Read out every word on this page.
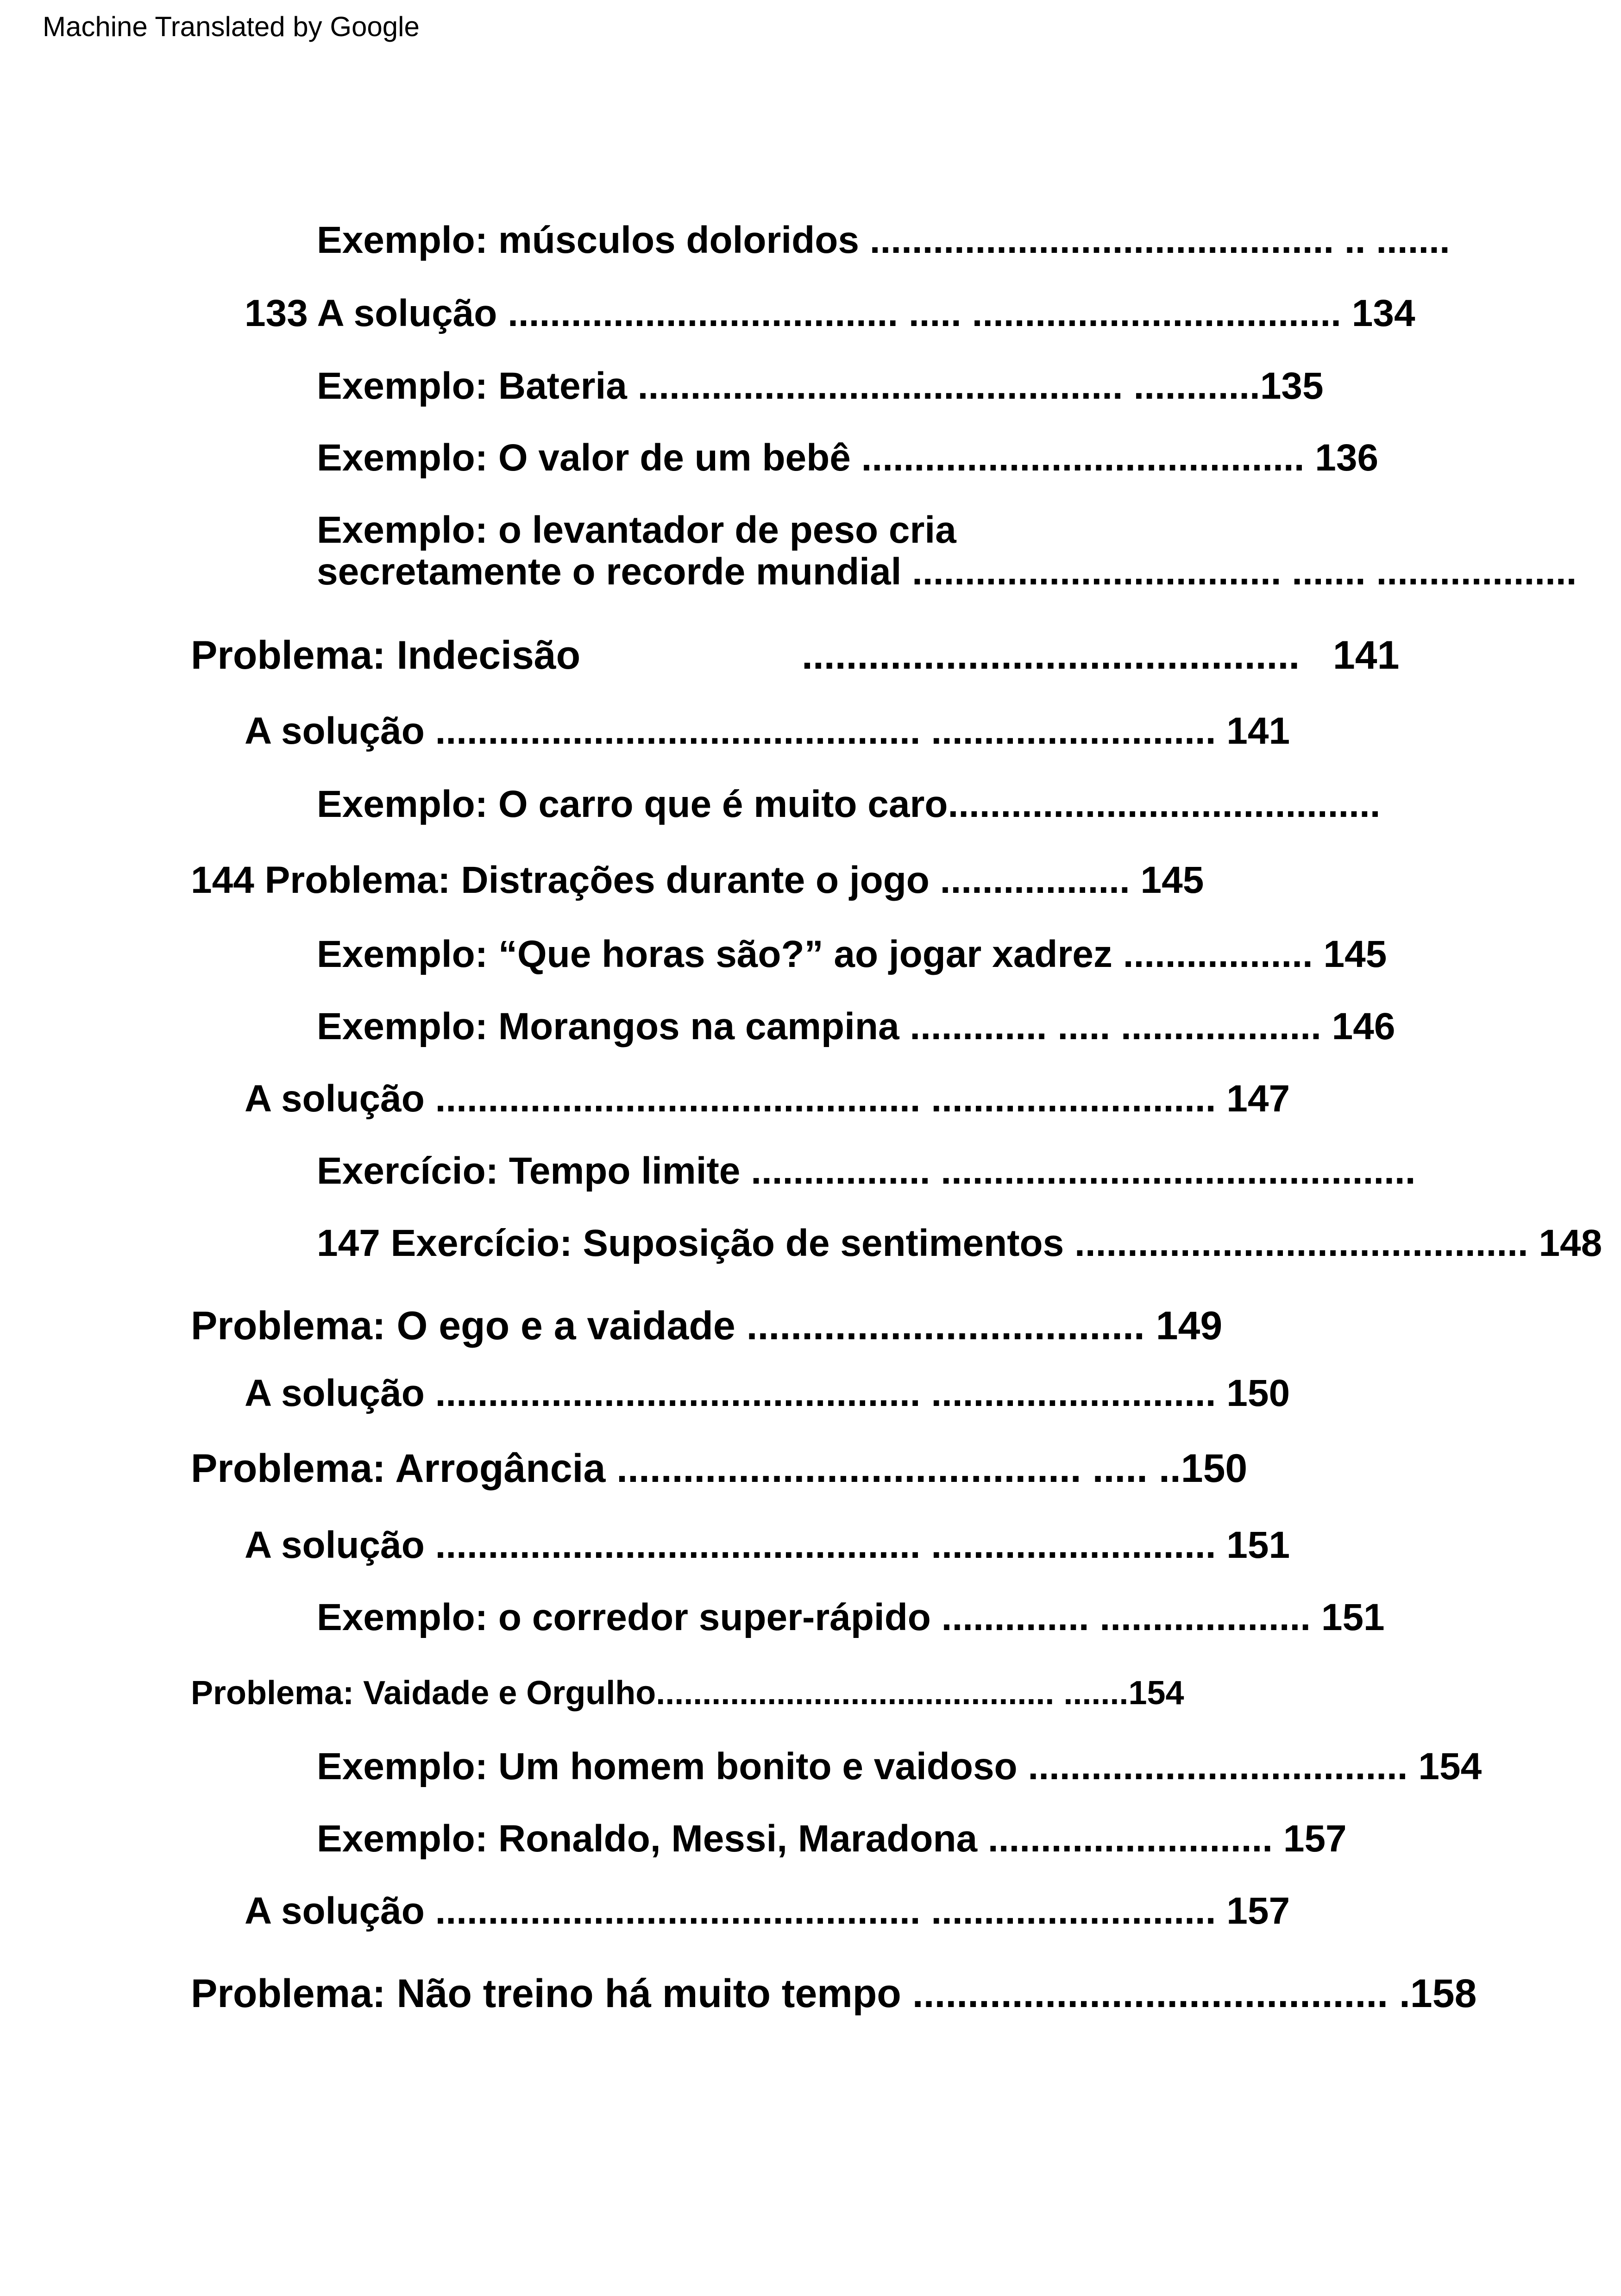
Machine Translated by Google
Exemplo: músculos doloridos ............................................ .. .......
133 A solução ..................................... ..... ................................... 134
Exemplo: Bateria .............................................. ............135
Exemplo: O valor de um bebê .......................................... 136
Exemplo: o levantador de peso cria
secretamente o recorde mundial ................................... ....... ...................
Problema: Indecisão                    .............................................   141
A solução .............................................. ........................... 141
Exemplo: O carro que é muito caro.........................................
144 Problema: Distrações durante o jogo .................. 145
Exemplo: “Que horas são?” ao jogar xadrez .................. 145
Exemplo: Morangos na campina ............. ..... ................... 146
A solução .............................................. ........................... 147
Exercício: Tempo limite ................. .............................................
147 Exercício: Suposição de sentimentos ........................................... 148
Problema: O ego e a vaidade .................................... 149
A solução .............................................. ........................... 150
Problema: Arrogância .......................................... ..... ..150
A solução .............................................. ........................... 151
Exemplo: o corredor super-rápido .............. .................... 151
Problema: Vaidade e Orgulho........................................... .......154
Exemplo: Um homem bonito e vaidoso .................................... 154
Exemplo: Ronaldo, Messi, Maradona ........................... 157
A solução .............................................. ........................... 157
Problema: Não treino há muito tempo ........................................... .158
